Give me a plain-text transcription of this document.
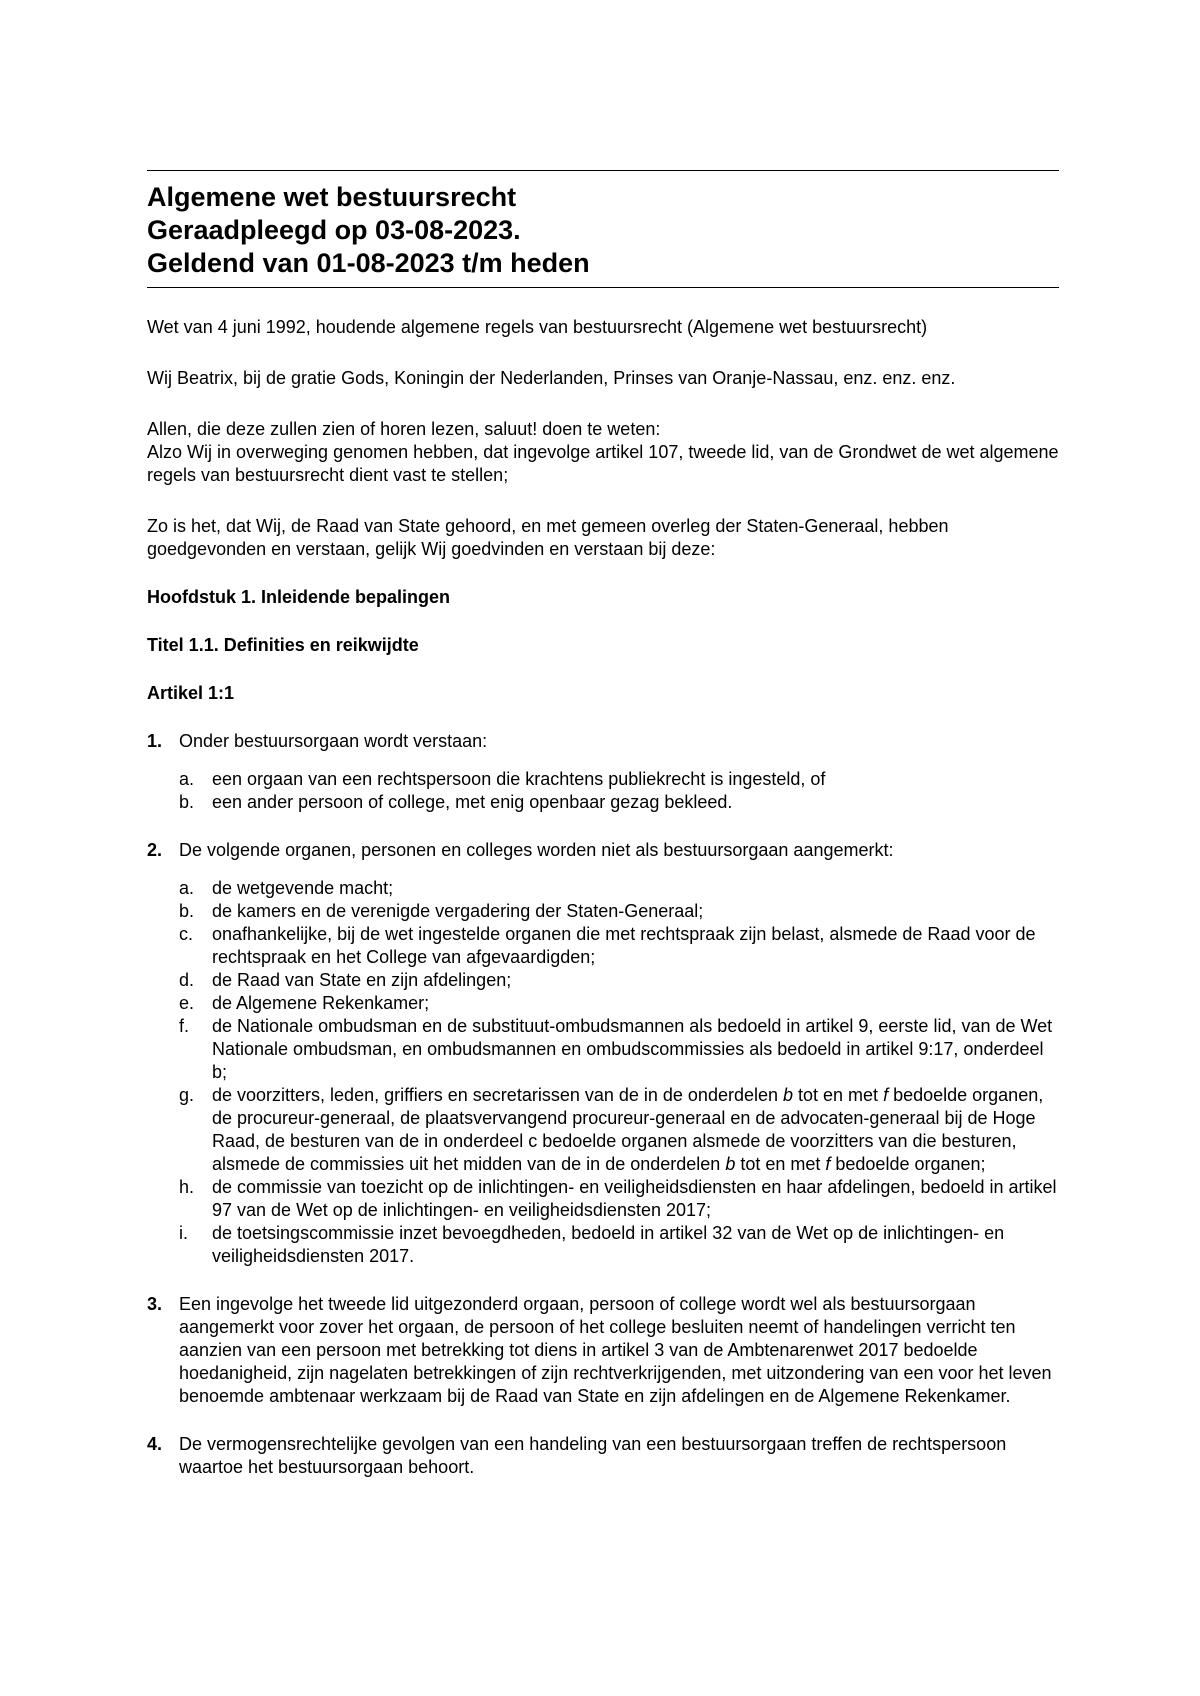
Algemene wet bestuursrecht
Geraadpleegd op 03-08-2023.
Geldend van 01-08-2023 t/m heden
Wet van 4 juni 1992, houdende algemene regels van bestuursrecht (Algemene wet bestuursrecht)
Wij Beatrix, bij de gratie Gods, Koningin der Nederlanden, Prinses van Oranje-Nassau, enz. enz. enz.
Allen, die deze zullen zien of horen lezen, saluut! doen te weten:
Alzo Wij in overweging genomen hebben, dat ingevolge artikel 107, tweede lid, van de Grondwet de wet algemene regels van bestuursrecht dient vast te stellen;
Zo is het, dat Wij, de Raad van State gehoord, en met gemeen overleg der Staten-Generaal, hebben goedgevonden en verstaan, gelijk Wij goedvinden en verstaan bij deze:
Hoofdstuk 1. Inleidende bepalingen
Titel 1.1. Definities en reikwijdte
Artikel 1:1
1. Onder bestuursorgaan wordt verstaan:
a. een orgaan van een rechtspersoon die krachtens publiekrecht is ingesteld, of
b. een ander persoon of college, met enig openbaar gezag bekleed.
2. De volgende organen, personen en colleges worden niet als bestuursorgaan aangemerkt:
a. de wetgevende macht;
b. de kamers en de verenigde vergadering der Staten-Generaal;
c.	onafhankelijke, bij de wet ingestelde organen die met rechtspraak zijn belast, alsmede de Raad voor de rechtspraak en het College van afgevaardigden;
d. de Raad van State en zijn afdelingen;
e. de Algemene Rekenkamer;
f.	de Nationale ombudsman en de substituut-ombudsmannen als bedoeld in artikel 9, eerste lid, van de Wet Nationale ombudsman, en ombudsmannen en ombudscommissies als bedoeld in artikel 9:17, onderdeel b;
g. de voorzitters, leden, griffiers en secretarissen van de in de onderdelen b tot en met f bedoelde organen, de procureur-generaal, de plaatsvervangend procureur-generaal en de advocaten-generaal bij de Hoge Raad, de besturen van de in onderdeel c bedoelde organen alsmede de voorzitters van die besturen, alsmede de commissies uit het midden van de in de onderdelen b tot en met f bedoelde organen;
h. de commissie van toezicht op de inlichtingen- en veiligheidsdiensten en haar afdelingen, bedoeld in artikel 97 van de Wet op de inlichtingen- en veiligheidsdiensten 2017;
i.	de toetsingscommissie inzet bevoegdheden, bedoeld in artikel 32 van de Wet op de inlichtingen- en veiligheidsdiensten 2017.
3. Een ingevolge het tweede lid uitgezonderd orgaan, persoon of college wordt wel als bestuursorgaan aangemerkt voor zover het orgaan, de persoon of het college besluiten neemt of handelingen verricht ten aanzien van een persoon met betrekking tot diens in artikel 3 van de Ambtenarenwet 2017 bedoelde hoedanigheid, zijn nagelaten betrekkingen of zijn rechtverkrijgenden, met uitzondering van een voor het leven benoemde ambtenaar werkzaam bij de Raad van State en zijn afdelingen en de Algemene Rekenkamer.
4. De vermogensrechtelijke gevolgen van een handeling van een bestuursorgaan treffen de rechtspersoon waartoe het bestuursorgaan behoort.
